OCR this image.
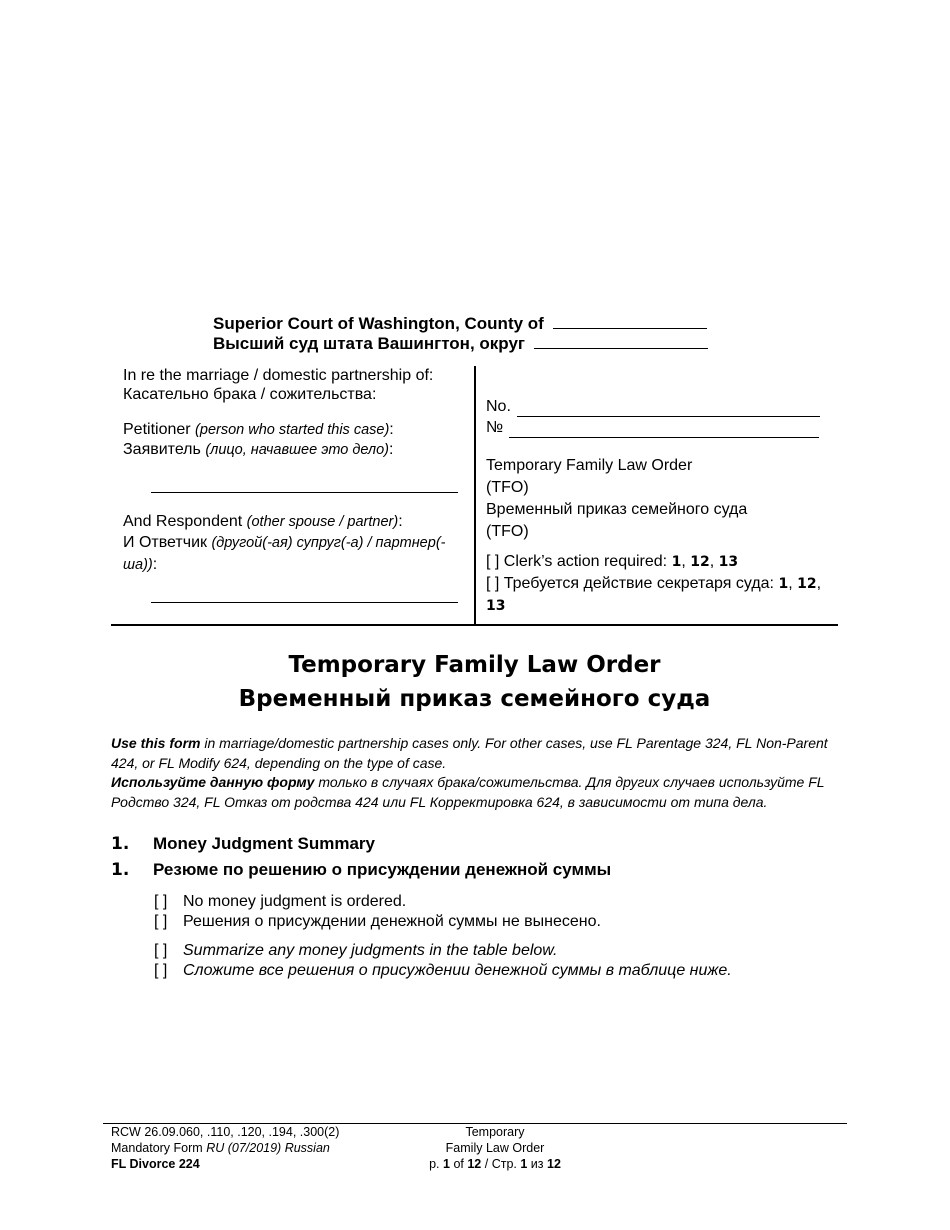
Superior Court of Washington, County of
Высший суд штата Вашингтон, округ
In re the marriage / domestic partnership of:
Касательно брака / сожительства:
Petitioner (person who started this case):
Заявитель (лицо, начавшее это дело):
And Respondent (other spouse / partner):
И Ответчик (другой(-ая) супруг(-а) / партнер(-ша)):
No.
№
Temporary Family Law Order
(TFO)
Временный приказ семейного суда
(TFO)
[ ] Clerk’s action required: 1, 12, 13
[ ] Требуется действие секретаря суда: 1, 12, 13
Temporary Family Law Order
Временный приказ семейного суда
Use this form in marriage/domestic partnership cases only. For other cases, use FL Parentage 324, FL Non-Parent 424, or FL Modify 624, depending on the type of case.
Используйте данную форму только в случаях брака/сожительства. Для других случаев используйте FL Родство 324, FL Отказ от родства 424 или FL Корректировка 624, в зависимости от типа дела.
1. Money Judgment Summary
1. Резюме по решению о присуждении денежной суммы
[ ] No money judgment is ordered.
[ ] Решения о присуждении денежной суммы не вынесено.
[ ] Summarize any money judgments in the table below.
[ ] Сложите все решения о присуждении денежной суммы в таблице ниже.
RCW 26.09.060, .110, .120, .194, .300(2)
Mandatory Form RU (07/2019) Russian
FL Divorce 224
Temporary
Family Law Order
p. 1 of 12 / Стр. 1 из 12
